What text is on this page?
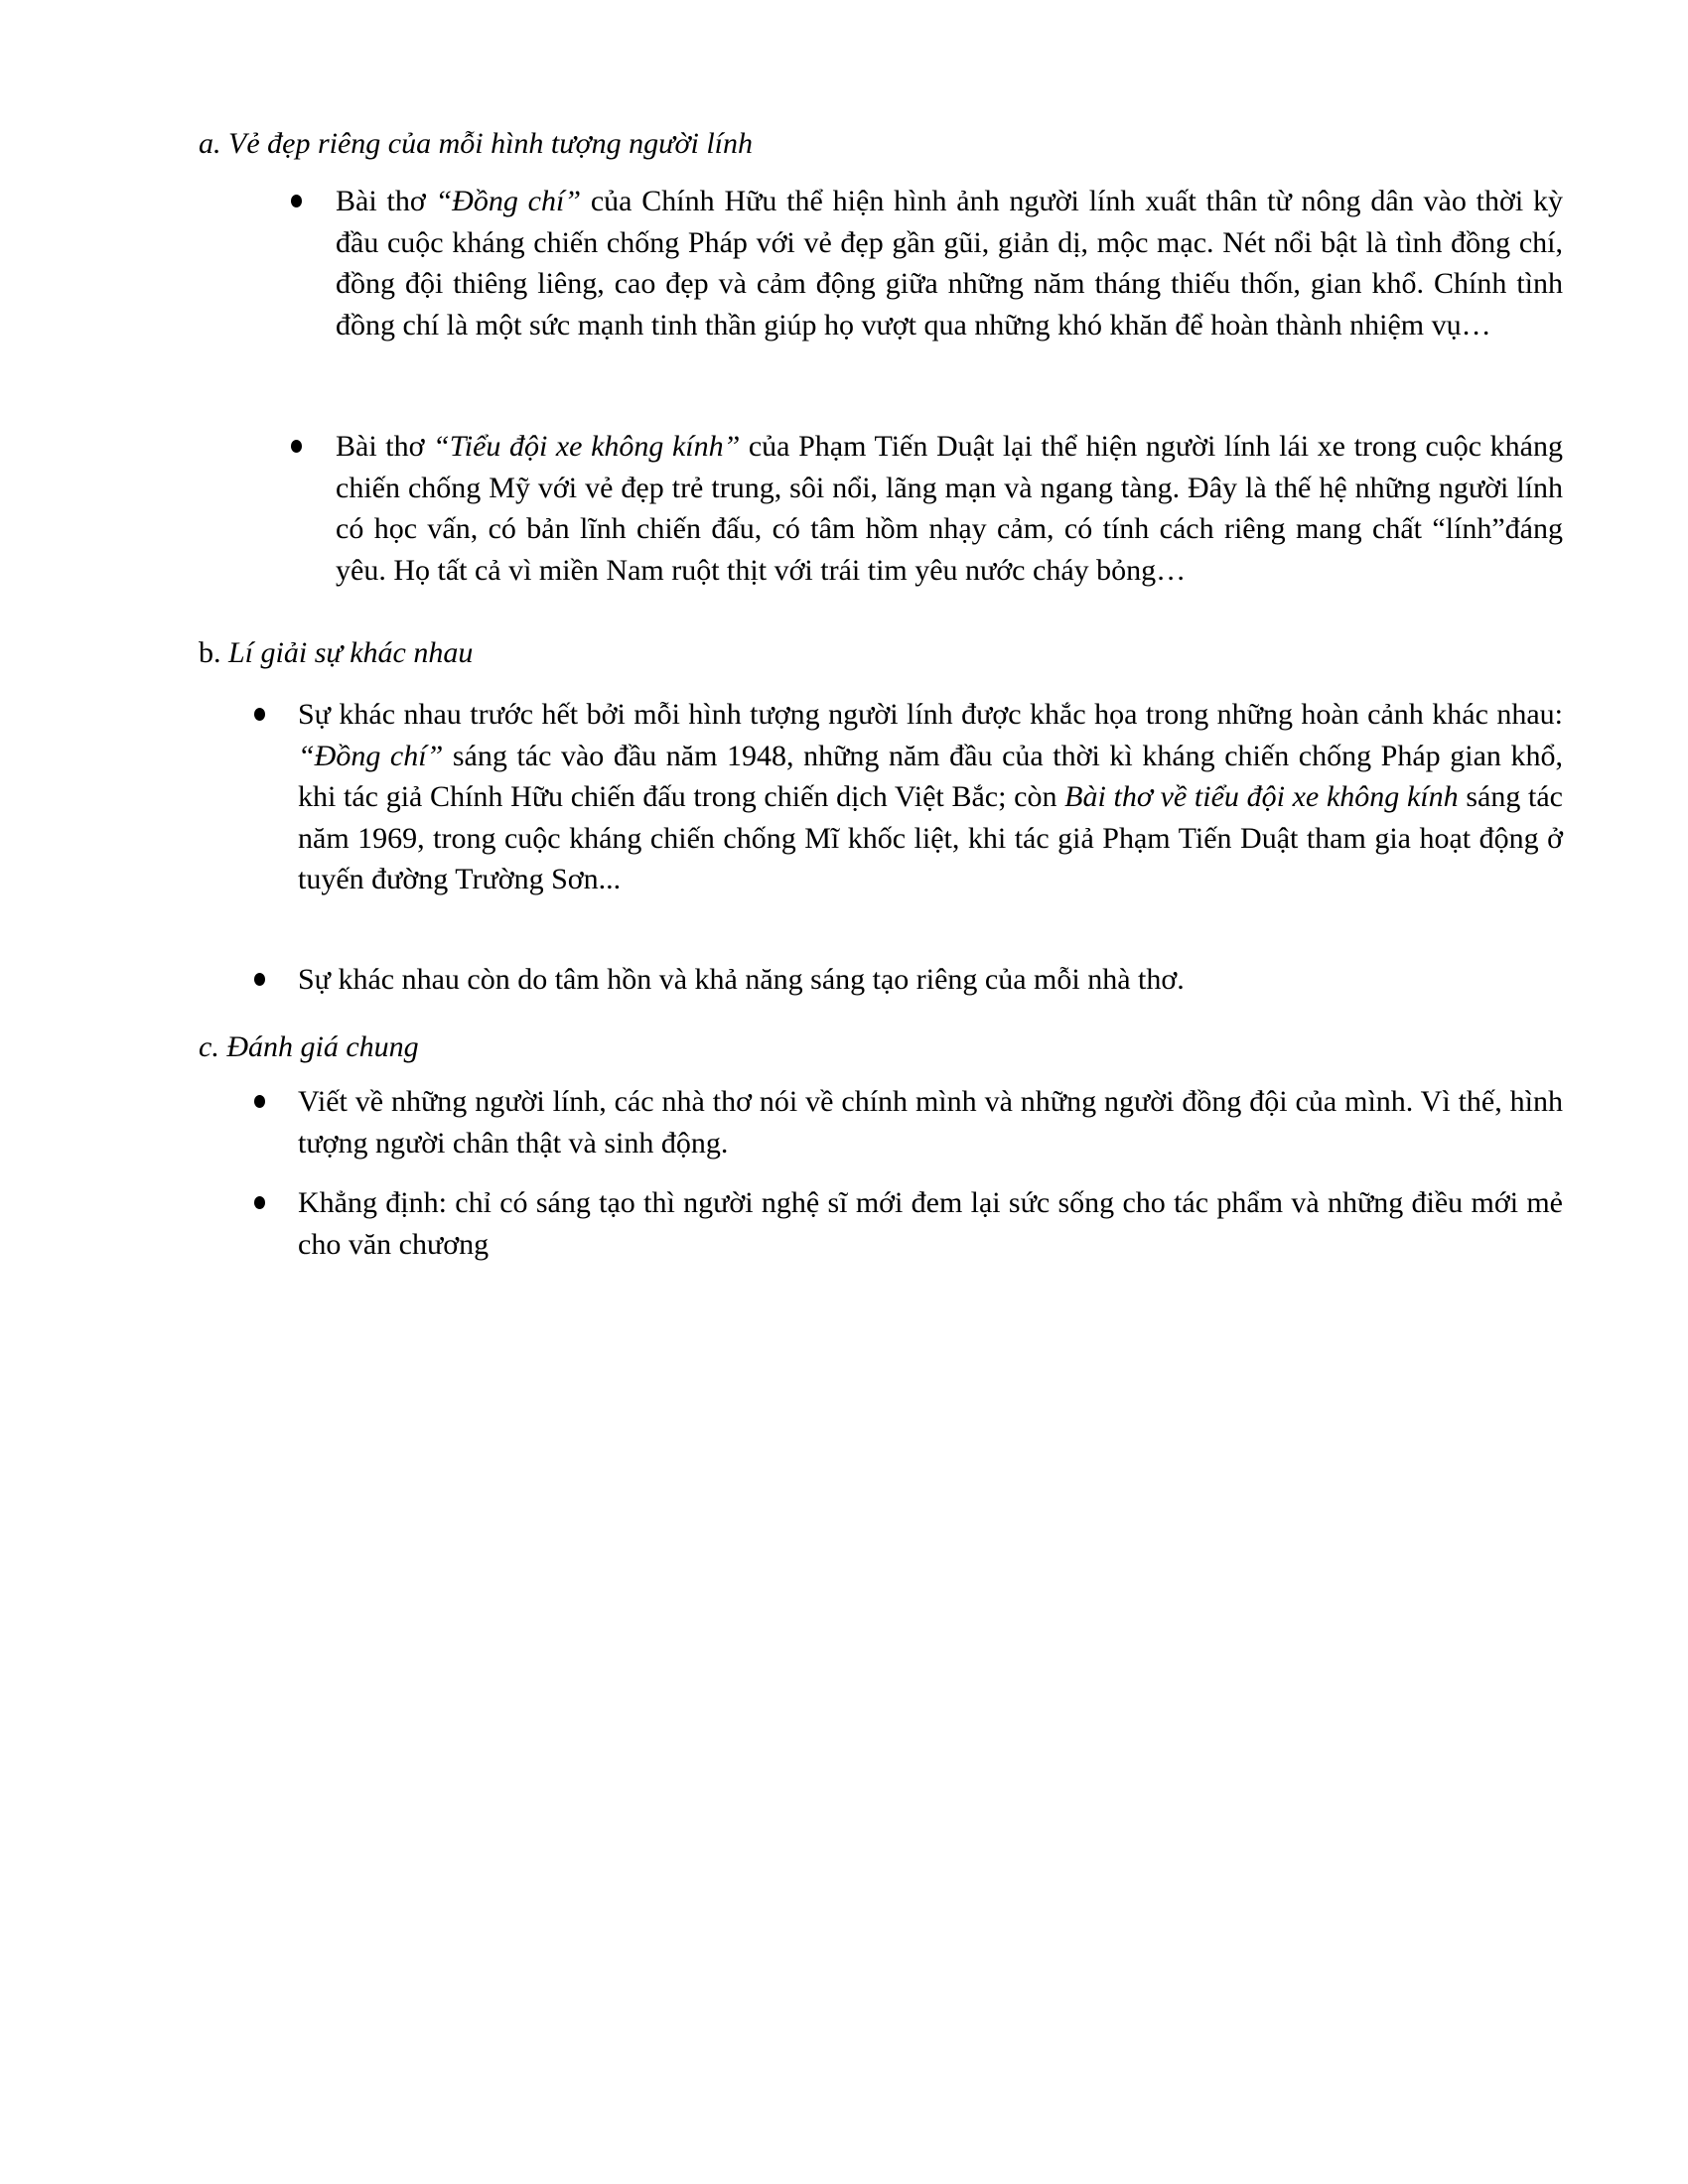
a. Vẻ đẹp riêng của mỗi hình tượng người lính
Bài thơ “Đồng chí” của Chính Hữu thể hiện hình ảnh người lính xuất thân từ nông dân vào thời kỳ đầu cuộc kháng chiến chống Pháp với vẻ đẹp gần gũi, giản dị, mộc mạc. Nét nổi bật là tình đồng chí, đồng đội thiêng liêng, cao đẹp và cảm động giữa những năm tháng thiếu thốn, gian khổ. Chính tình đồng chí là một sức mạnh tinh thần giúp họ vượt qua những khó khăn để hoàn thành nhiệm vụ…
Bài thơ “Tiểu đội xe không kính” của Phạm Tiến Duật lại thể hiện người lính lái xe trong cuộc kháng chiến chống Mỹ với vẻ đẹp trẻ trung, sôi nổi, lãng mạn và ngang tàng. Đây là thế hệ những người lính có học vấn, có bản lĩnh chiến đấu, có tâm hồm nhạy cảm, có tính cách riêng mang chất “lính”đáng yêu. Họ tất cả vì miền Nam ruột thịt với trái tim yêu nước cháy bỏng…
b. Lí giải sự khác nhau
Sự khác nhau trước hết bởi mỗi hình tượng người lính được khắc họa trong những hoàn cảnh khác nhau: “Đồng chí” sáng tác vào đầu năm 1948, những năm đầu của thời kì kháng chiến chống Pháp gian khổ, khi tác giả Chính Hữu chiến đấu trong chiến dịch Việt Bắc; còn Bài thơ về tiểu đội xe không kính sáng tác năm 1969, trong cuộc kháng chiến chống Mĩ khốc liệt, khi tác giả Phạm Tiến Duật tham gia hoạt động ở tuyến đường Trường Sơn...
Sự khác nhau còn do tâm hồn và khả năng sáng tạo riêng của mỗi nhà thơ.
c. Đánh giá chung
Viết về những người lính, các nhà thơ nói về chính mình và những người đồng đội của mình. Vì thế, hình tượng người chân thật và sinh động.
Khẳng định: chỉ có sáng tạo thì người nghệ sĩ mới đem lại sức sống cho tác phẩm và những điều mới mẻ cho văn chương
